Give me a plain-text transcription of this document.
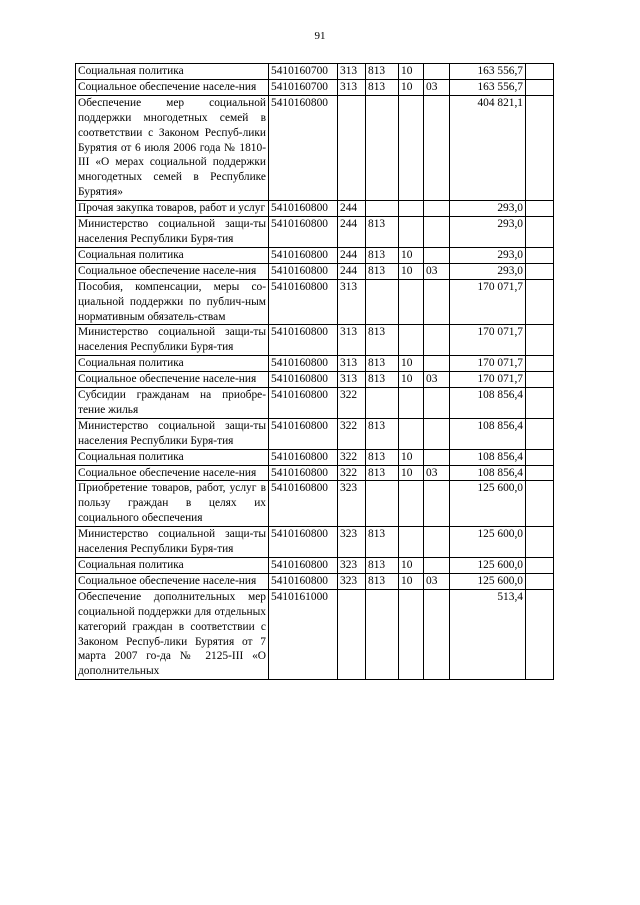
91
Социальная политика	5410160700	313	813	10		163 556,7	
Социальное обеспечение населе-ния	5410160700	313	813	10	03	163 556,7	
Обеспечение мер социальной поддержки многодетных семей в соответствии с Законом Респуб-лики Бурятия от 6 июля 2006 года № 1810-III «О мерах социальной поддержки многодетных семей в Республике Бурятия»	5410160800					404 821,1	
Прочая закупка товаров, работ и услуг	5410160800	244				293,0	
Министерство социальной защи-ты населения Республики Буря-тия	5410160800	244	813			293,0	
Социальная политика	5410160800	244	813	10		293,0	
Социальное обеспечение населе-ния	5410160800	244	813	10	03	293,0	
Пособия, компенсации, меры со-циальной поддержки по публич-ным нормативным обязатель-ствам	5410160800	313				170 071,7	
Министерство социальной защи-ты населения Республики Буря-тия	5410160800	313	813			170 071,7	
Социальная политика	5410160800	313	813	10		170 071,7	
Социальное обеспечение населе-ния	5410160800	313	813	10	03	170 071,7	
Субсидии гражданам на приобре-тение жилья	5410160800	322				108 856,4	
Министерство социальной защи-ты населения Республики Буря-тия	5410160800	322	813			108 856,4	
Социальная политика	5410160800	322	813	10		108 856,4	
Социальное обеспечение населе-ния	5410160800	322	813	10	03	108 856,4	
Приобретение товаров, работ, услуг в пользу граждан в целях их социального обеспечения	5410160800	323				125 600,0	
Министерство социальной защи-ты населения Республики Буря-тия	5410160800	323	813			125 600,0	
Социальная политика	5410160800	323	813	10		125 600,0	
Социальное обеспечение населе-ния	5410160800	323	813	10	03	125 600,0	
Обеспечение дополнительных мер социальной поддержки для отдельных категорий граждан в соответствии с Законом Респуб-лики Бурятия от 7 марта 2007 го-да № 2125-III «О дополнительных	5410161000					513,4	
